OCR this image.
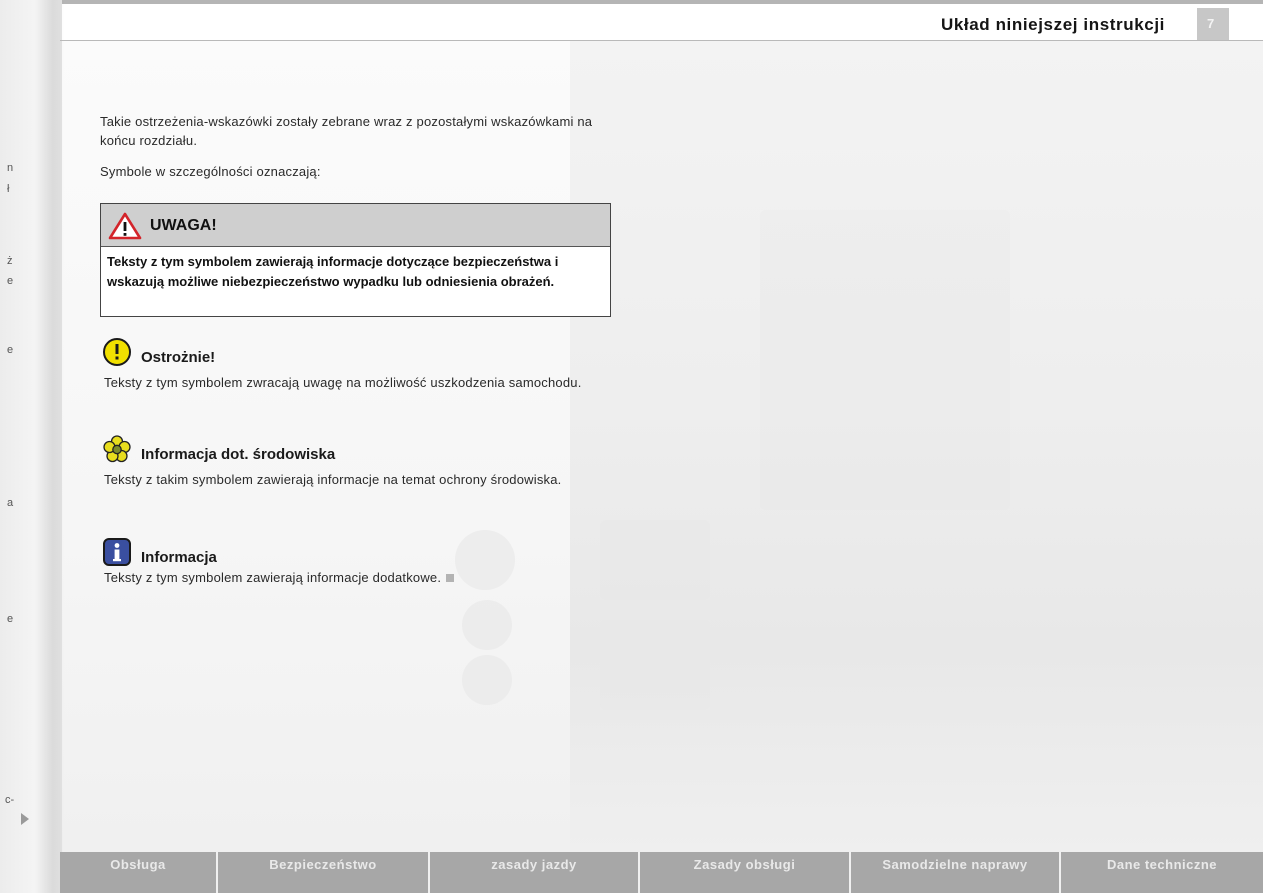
n
ł
ż
e
e
a
e
c-
Układ niniejszej instrukcji	7
Takie ostrzeżenia-wskazówki zostały zebrane wraz z pozostałymi wskazówkami na końcu rozdziału.
Symbole w szczególności oznaczają:
UWAGA!
Teksty z tym symbolem zawierają informacje dotyczące bezpieczeństwa i wskazują możliwe niebezpieczeństwo wypadku lub odniesienia obrażeń.
Ostrożnie!
Teksty z tym symbolem zwracają uwagę na możliwość uszkodzenia samochodu.
Informacja dot. środowiska
Teksty z takim symbolem zawierają informacje na temat ochrony środowiska.
Informacja
Teksty z tym symbolem zawierają informacje dodatkowe.
Obsługa	Bezpieczeństwo	zasady jazdy	Zasady obsługi	Samodzielne naprawy	Dane techniczne
